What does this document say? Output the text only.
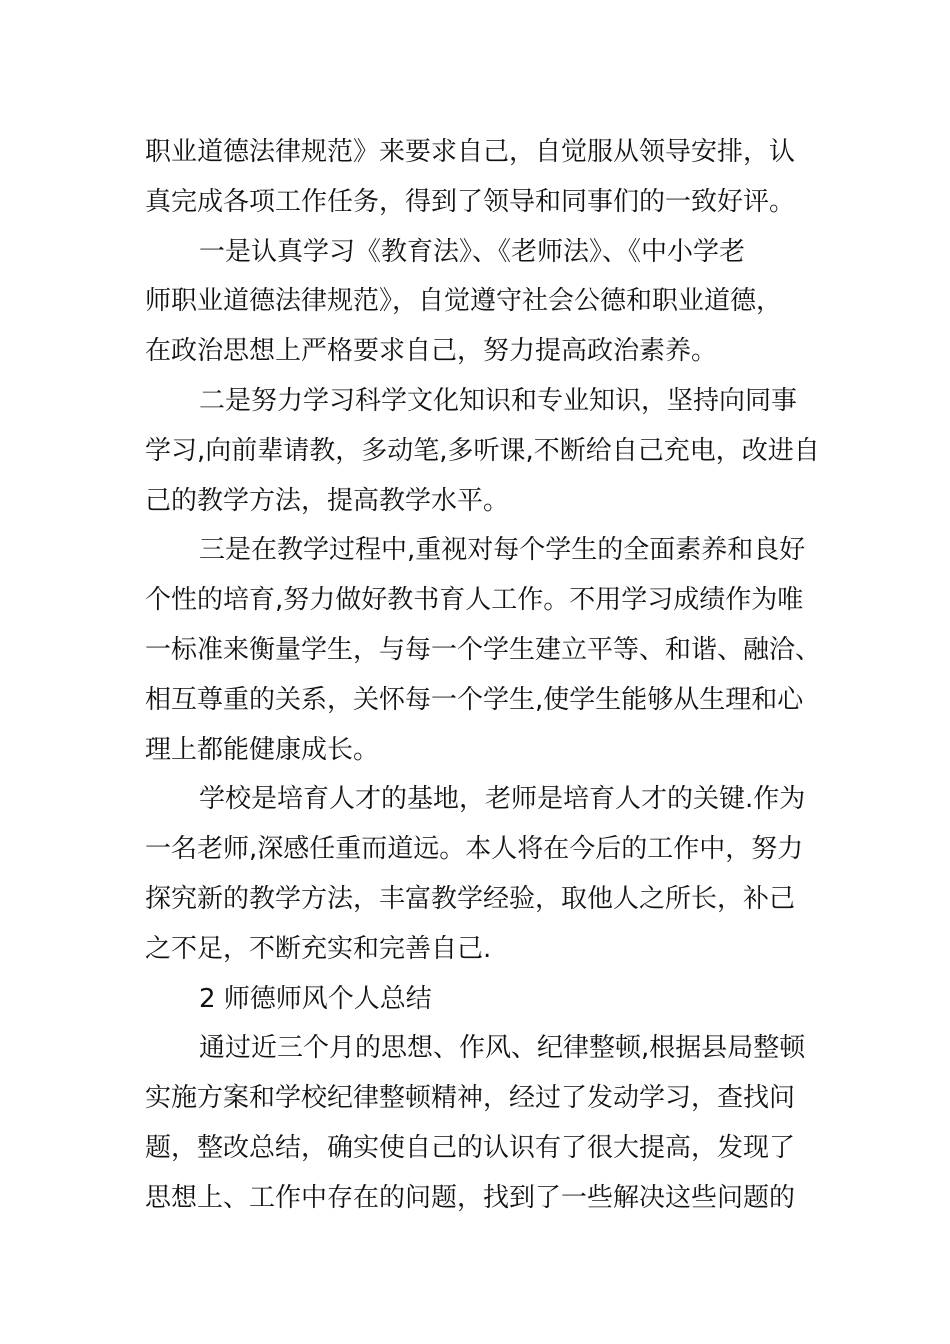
职业道德法律规范》来要求自己，自觉服从领导安排，认
真完成各项工作任务，得到了领导和同事们的一致好评。
一是认真学习《教育法》、《老师法》、《中小学老
师职业道德法律规范》，自觉遵守社会公德和职业道德，
在政治思想上严格要求自己，努力提高政治素养。
二是努力学习科学文化知识和专业知识，坚持向同事
学习,向前辈请教，多动笔,多听课,不断给自己充电，改进自
己的教学方法，提高教学水平。
三是在教学过程中,重视对每个学生的全面素养和良好
个性的培育,努力做好教书育人工作。不用学习成绩作为唯
一标准来衡量学生，与每一个学生建立平等、和谐、融洽、
相互尊重的关系，关怀每一个学生,使学生能够从生理和心
理上都能健康成长。
学校是培育人才的基地，老师是培育人才的关键.作为
一名老师,深感任重而道远。本人将在今后的工作中，努力
探究新的教学方法，丰富教学经验，取他人之所长，补己
之不足，不断充实和完善自己.
2 师德师风个人总结
通过近三个月的思想、作风、纪律整顿,根据县局整顿
实施方案和学校纪律整顿精神，经过了发动学习，查找问
题，整改总结，确实使自己的认识有了很大提高，发现了
思想上、工作中存在的问题，找到了一些解决这些问题的
